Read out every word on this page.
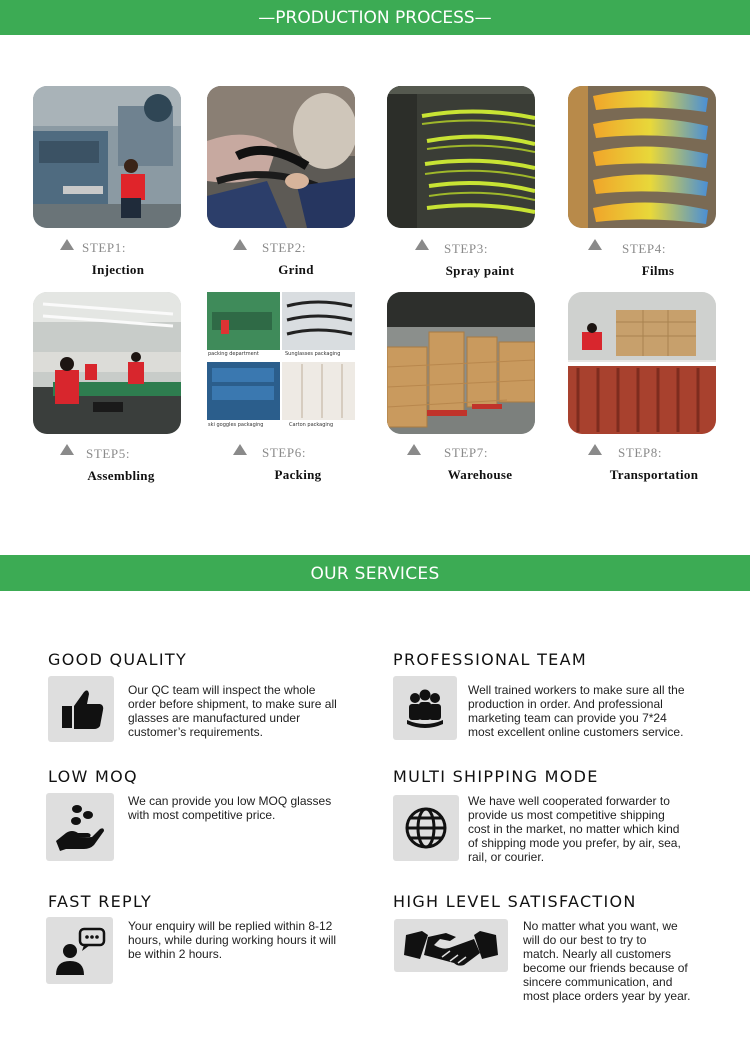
—PRODUCTION PROCESS—
STEP1:
Injection
STEP2:
Grind
STEP3:
Spray paint
STEP4:
Films
packing department	Sunglasses packaging
ski goggles packaging	Carton packaging
STEP5:
Assembling
STEP6:
Packing
STEP7:
Warehouse
STEP8:
Transportation
OUR SERVICES
GOOD QUALITY
Our QC team will inspect the whole
order before shipment, to make sure all
glasses are manufactured under
customer’s requirements.
PROFESSIONAL TEAM
Well trained workers to make sure all the
production in order. And professional
marketing team can provide you 7*24
most excellent online customers service.
LOW MOQ
We can provide you low MOQ glasses
with most competitive price.
MULTI SHIPPING MODE
We have well cooperated forwarder to
provide us most competitive shipping
cost in the market, no matter which kind
of shipping mode you prefer, by air, sea,
rail, or courier.
FAST REPLY
Your enquiry will be replied within 8-12
hours, while during working hours it will
be within 2 hours.
HIGH LEVEL SATISFACTION
No matter what you want, we
will do our best to try to
match. Nearly all customers
become our friends because of
sincere communication, and
most place orders year by year.
